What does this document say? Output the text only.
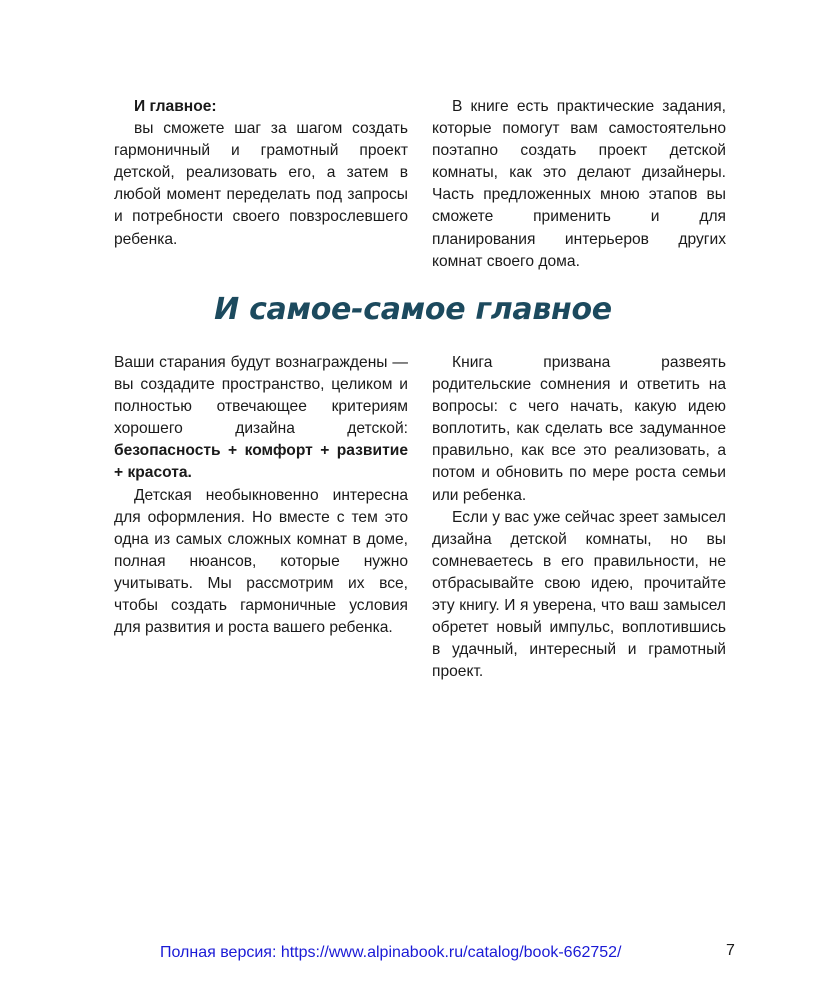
И главное:

вы сможете шаг за шагом создать гармоничный и грамотный проект детской, реализовать его, а затем в любой момент переделать под запросы и потребности своего повзрослевшего ребенка.

В книге есть практические задания, которые помогут вам самостоятельно поэтапно создать проект детской комнаты, как это делают дизайнеры. Часть предложенных мною этапов вы сможете применить и для планирования интерьеров других комнат своего дома.

И самое-самое главное

Ваши старания будут вознаграждены — вы создадите пространство, целиком и полностью отвечающее критериям хорошего дизайна детской: безопасность + комфорт + развитие + красота.

Детская необыкновенно интересна для оформления. Но вместе с тем это одна из самых сложных комнат в доме, полная нюансов, которые нужно учитывать. Мы рассмотрим их все, чтобы создать гармоничные условия для развития и роста вашего ребенка.

Книга призвана развеять родительские сомнения и ответить на вопросы: с чего начать, какую идею воплотить, как сделать все задуманное правильно, как все это реализовать, а потом и обновить по мере роста семьи или ребенка.

Если у вас уже сейчас зреет замысел дизайна детской комнаты, но вы сомневаетесь в его правильности, не отбрасывайте свою идею, прочитайте эту книгу. И я уверена, что ваш замысел обретет новый импульс, воплотившись в удачный, интересный и грамотный проект.

Полная версия: https://www.alpinabook.ru/catalog/book-662752/	7
